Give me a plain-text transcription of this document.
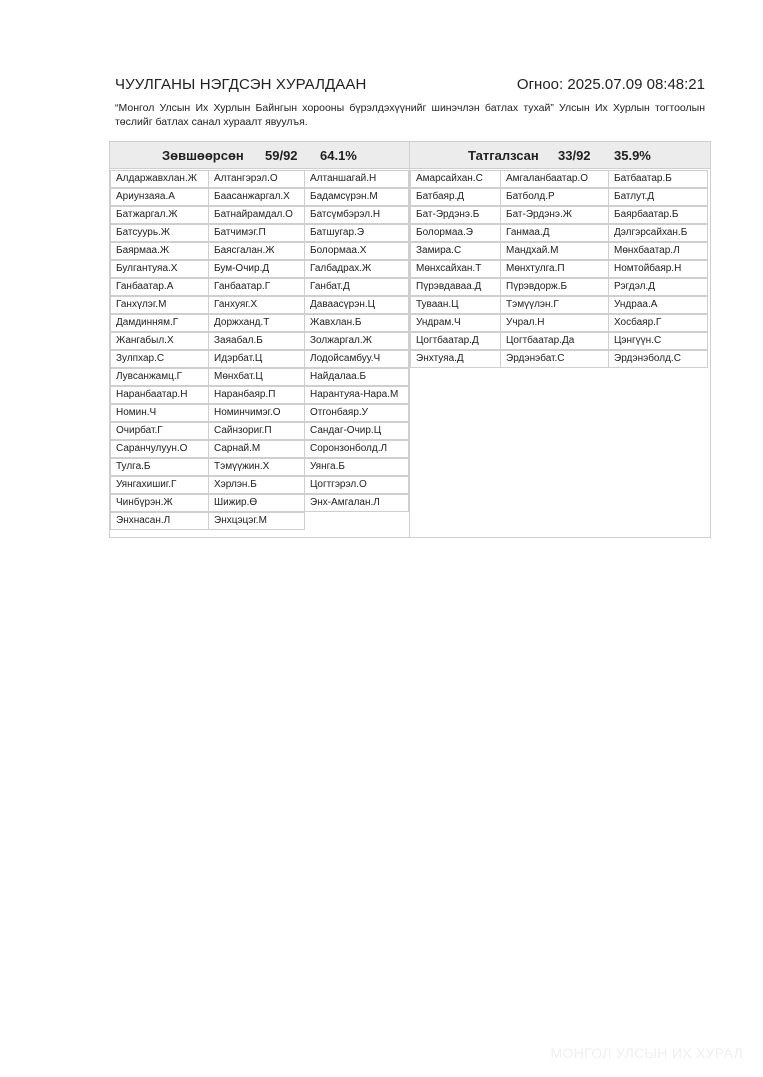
ЧУУЛГАНЫ НЭГДСЭН ХУРАЛДААН	Огноо: 2025.07.09 08:48:21
“Монгол Улсын Их Хурлын Байнгын хорооны бүрэлдэхүүнийг шинэчлэн батлах тухай” Улсын Их Хурлын тогтоолын төслийг батлах санал хураалт явуулъя.
Зөвшөөрсөн 59/92 64.1%
Алдаржавхлан.Ж	Алтангэрэл.О	Алтаншагай.Н
Ариунзаяа.А	Баасанжаргал.Х	Бадамсүрэн.М
Батжаргал.Ж	Батнайрамдал.О	Батсүмбэрэл.Н
Батсуурь.Ж	Батчимэг.П	Батшугар.Э
Баярмаа.Ж	Баясгалан.Ж	Болормаа.Х
Булгантуяа.Х	Бум-Очир.Д	Галбадрах.Ж
Ганбаатар.А	Ганбаатар.Г	Ганбат.Д
Ганхүлэг.М	Ганхуяг.Х	Даваасүрэн.Ц
Дамдинням.Г	Доржханд.Т	Жавхлан.Б
Жангабыл.Х	Заяабал.Б	Золжаргал.Ж
Зулпхар.С	Идэрбат.Ц	Лодойсамбуу.Ч
Лувсанжамц.Г	Мөнхбат.Ц	Найдалаа.Б
Наранбаатар.Н	Наранбаяр.П	Нарантуяа-Нара.М
Номин.Ч	Номинчимэг.О	Отгонбаяр.У
Очирбат.Г	Сайнзориг.П	Сандаг-Очир.Ц
Саранчулуун.О	Сарнай.М	Соронзонболд.Л
Тулга.Б	Тэмүүжин.Х	Уянга.Б
Уянгахишиг.Г	Хэрлэн.Б	Цогтгэрэл.О
Чинбүрэн.Ж	Шижир.Ө	Энх-Амгалан.Л
Энхнасан.Л	Энхцэцэг.М
Татгалзсан 33/92 35.9%
Амарсайхан.С	Амгаланбаатар.О	Батбаатар.Б
Батбаяр.Д	Батболд.Р	Батлут.Д
Бат-Эрдэнэ.Б	Бат-Эрдэнэ.Ж	Баярбаатар.Б
Болормаа.Э	Ганмаа.Д	Дэлгэрсайхан.Б
Замира.С	Мандхай.М	Мөнхбаатар.Л
Мөнхсайхан.Т	Мөнхтулга.П	Номтойбаяр.Н
Пүрэвдаваа.Д	Пүрэвдорж.Б	Рэгдэл.Д
Туваан.Ц	Тэмүүлэн.Г	Ундраа.А
Ундрам.Ч	Учрал.Н	Хосбаяр.Г
Цогтбаатар.Д	Цогтбаатар.Да	Цэнгүүн.С
Энхтуяа.Д	Эрдэнэбат.С	Эрдэнэболд.С
МОНГОЛ УЛСЫН ИХ ХУРАЛ
